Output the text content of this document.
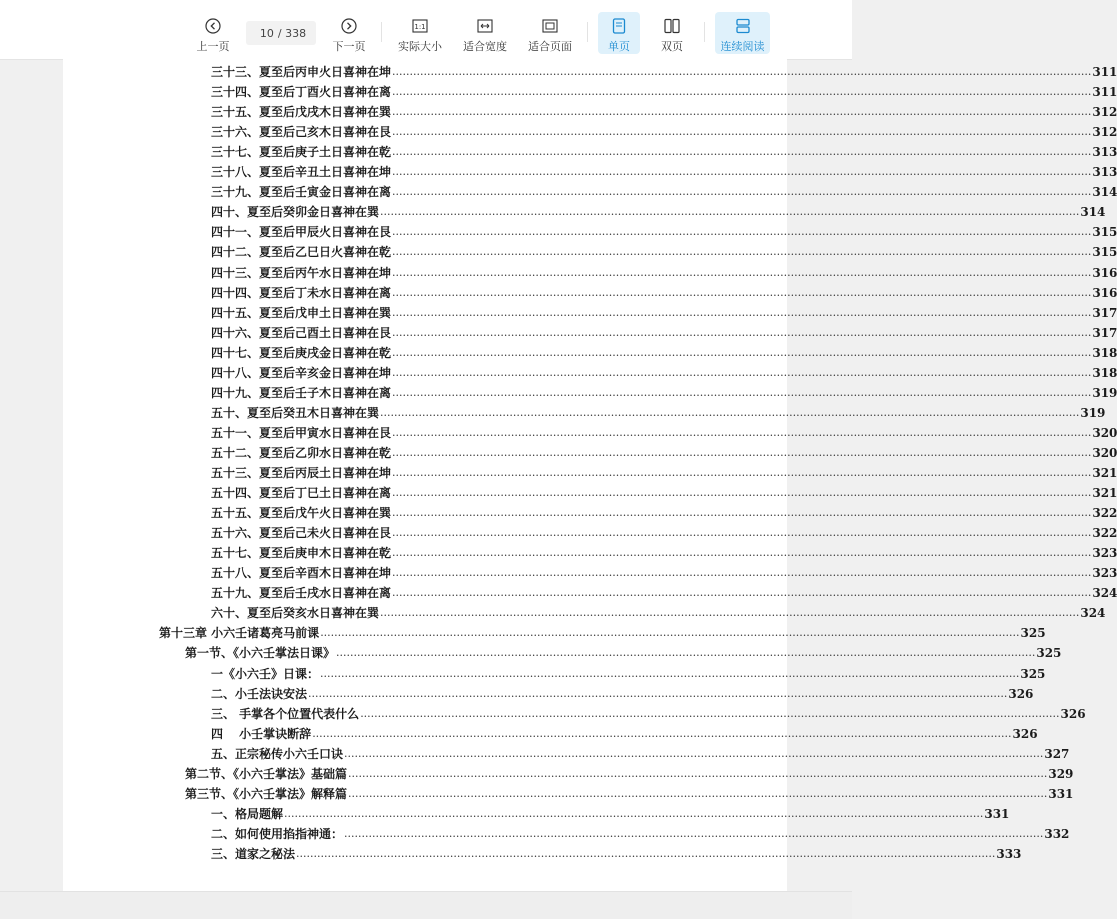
上一页
10 / 338
下一页
1:1
实际大小 适合宽度 适合页面	单页	双页	连续阅读
三十三、夏至后丙申火日喜神在坤 ........................................................................................................................................................................................................ 311
三十四、夏至后丁酉火日喜神在离 ........................................................................................................................................................................................................ 311
三十五、夏至后戊戌木日喜神在巽 ........................................................................................................................................................................................................ 312
三十六、夏至后己亥木日喜神在艮 ........................................................................................................................................................................................................ 312
三十七、夏至后庚子土日喜神在乾 ........................................................................................................................................................................................................ 313
三十八、夏至后辛丑土日喜神在坤 ........................................................................................................................................................................................................ 313
三十九、夏至后壬寅金日喜神在离 ........................................................................................................................................................................................................ 314
四十、夏至后癸卯金日喜神在巽 ........................................................................................................................................................................................................ 314
四十一、夏至后甲辰火日喜神在艮 ........................................................................................................................................................................................................ 315
四十二、夏至后乙巳日火喜神在乾 ........................................................................................................................................................................................................ 315
四十三、夏至后丙午水日喜神在坤 ........................................................................................................................................................................................................ 316
四十四、夏至后丁未水日喜神在离 ........................................................................................................................................................................................................ 316
四十五、夏至后戊申土日喜神在巽 ........................................................................................................................................................................................................ 317
四十六、夏至后己酉土日喜神在艮 ........................................................................................................................................................................................................ 317
四十七、夏至后庚戌金日喜神在乾 ........................................................................................................................................................................................................ 318
四十八、夏至后辛亥金日喜神在坤 ........................................................................................................................................................................................................ 318
四十九、夏至后壬子木日喜神在离 ........................................................................................................................................................................................................ 319
五十、夏至后癸丑木日喜神在巽 ........................................................................................................................................................................................................ 319
五十一、夏至后甲寅水日喜神在艮 ........................................................................................................................................................................................................ 320
五十二、夏至后乙卯水日喜神在乾 ........................................................................................................................................................................................................ 320
五十三、夏至后丙辰土日喜神在坤 ........................................................................................................................................................................................................ 321
五十四、夏至后丁巳土日喜神在离 ........................................................................................................................................................................................................ 321
五十五、夏至后戊午火日喜神在巽 ........................................................................................................................................................................................................ 322
五十六、夏至后己未火日喜神在艮 ........................................................................................................................................................................................................ 322
五十七、夏至后庚申木日喜神在乾 ........................................................................................................................................................................................................ 323
五十八、夏至后辛酉木日喜神在坤 ........................................................................................................................................................................................................ 323
五十九、夏至后壬戌水日喜神在离 ........................................................................................................................................................................................................ 324
六十、夏至后癸亥水日喜神在巽 ........................................................................................................................................................................................................ 324
第十三章 小六壬诸葛亮马前课 ........................................................................................................................................................................................................ 325
第一节、《小六壬掌法日课》 ........................................................................................................................................................................................................ 325
一《小六壬》日课： ........................................................................................................................................................................................................ 325
二、小壬法诀安法 ........................................................................................................................................................................................................ 326
三、 手掌各个位置代表什么 ........................................................................................................................................................................................................ 326
四　 小壬掌诀断辞 ........................................................................................................................................................................................................ 326
五、正宗秘传小六壬口诀 ........................................................................................................................................................................................................ 327
第二节、《小六壬掌法》基础篇 ........................................................................................................................................................................................................ 329
第三节、《小六壬掌法》解释篇 ........................................................................................................................................................................................................ 331
一、格局题解 ........................................................................................................................................................................................................ 331
二、如何使用掐指神通： ........................................................................................................................................................................................................ 332
三、道家之秘法 ........................................................................................................................................................................................................ 333
